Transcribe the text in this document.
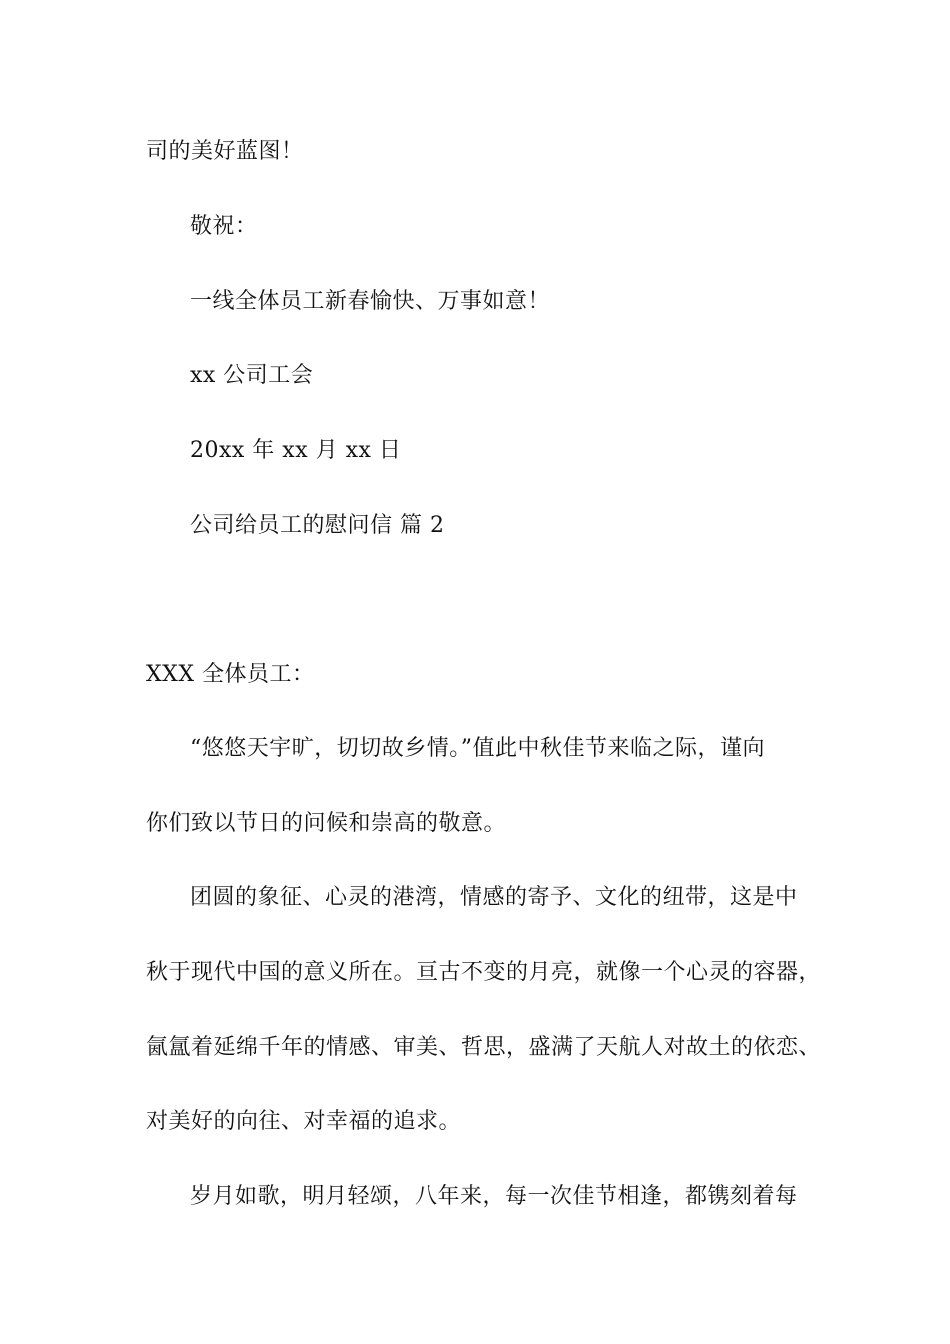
司的美好蓝图！
敬祝：
一线全体员工新春愉快、万事如意！
xx 公司工会
20xx 年 xx 月 xx 日
公司给员工的慰问信 篇 2
XXX 全体员工：
“悠悠天宇旷，切切故乡情。”值此中秋佳节来临之际，谨向
你们致以节日的问候和崇高的敬意。
团圆的象征、心灵的港湾，情感的寄予、文化的纽带，这是中
秋于现代中国的意义所在。亘古不变的月亮，就像一个心灵的容器，
氤氲着延绵千年的情感、审美、哲思，盛满了天航人对故土的依恋、
对美好的向往、对幸福的追求。
岁月如歌，明月轻颂，八年来，每一次佳节相逢，都镌刻着每
